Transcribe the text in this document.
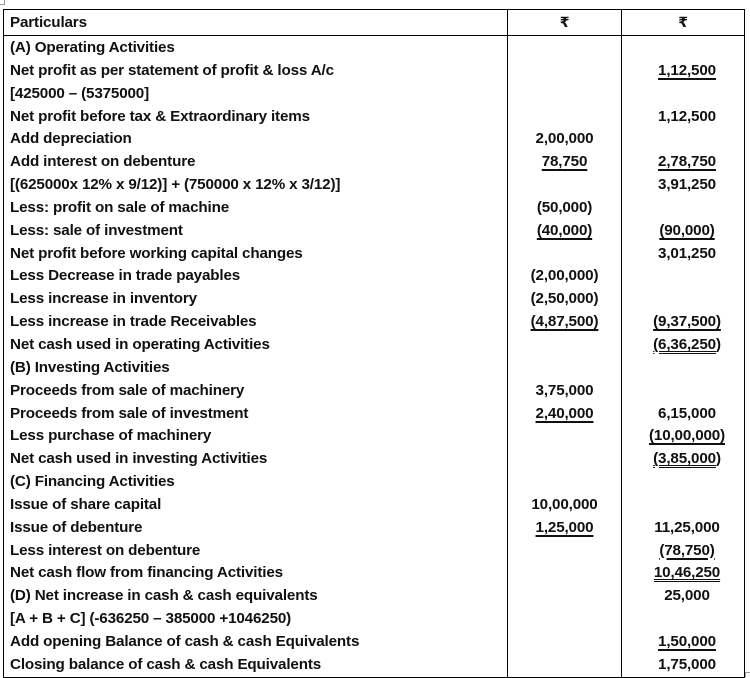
Particulars	₹	₹
(A) Operating Activities		
Net profit as per statement of profit & loss A/c		1,12,500
[425000 – (5375000]		
Net profit before tax & Extraordinary items		1,12,500
Add depreciation	2,00,000	
Add interest on debenture	78,750	2,78,750
[(625000x 12% x 9/12)] + (750000 x 12% x 3/12)]		3,91,250
Less: profit on sale of machine	(50,000)	
Less: sale of investment	(40,000)	(90,000)
Net profit before working capital changes		3,01,250
Less Decrease in trade payables	(2,00,000)	
Less increase in inventory	(2,50,000)	
Less increase in trade Receivables	(4,87,500)	(9,37,500)
Net cash used in operating Activities		(6,36,250)
(B) Investing Activities		
Proceeds from sale of machinery	3,75,000	
Proceeds from sale of investment	2,40,000	6,15,000
Less purchase of machinery		(10,00,000)
Net cash used in investing Activities		(3,85,000)
(C) Financing Activities		
Issue of share capital	10,00,000	
Issue of debenture	1,25,000	11,25,000
Less interest on debenture		(78,750)
Net cash flow from financing Activities		10,46,250
(D) Net increase in cash & cash equivalents		25,000
[A + B + C] (-636250 – 385000 +1046250)		
Add opening Balance of cash & cash Equivalents		1,50,000
Closing balance of cash & cash Equivalents		1,75,000
